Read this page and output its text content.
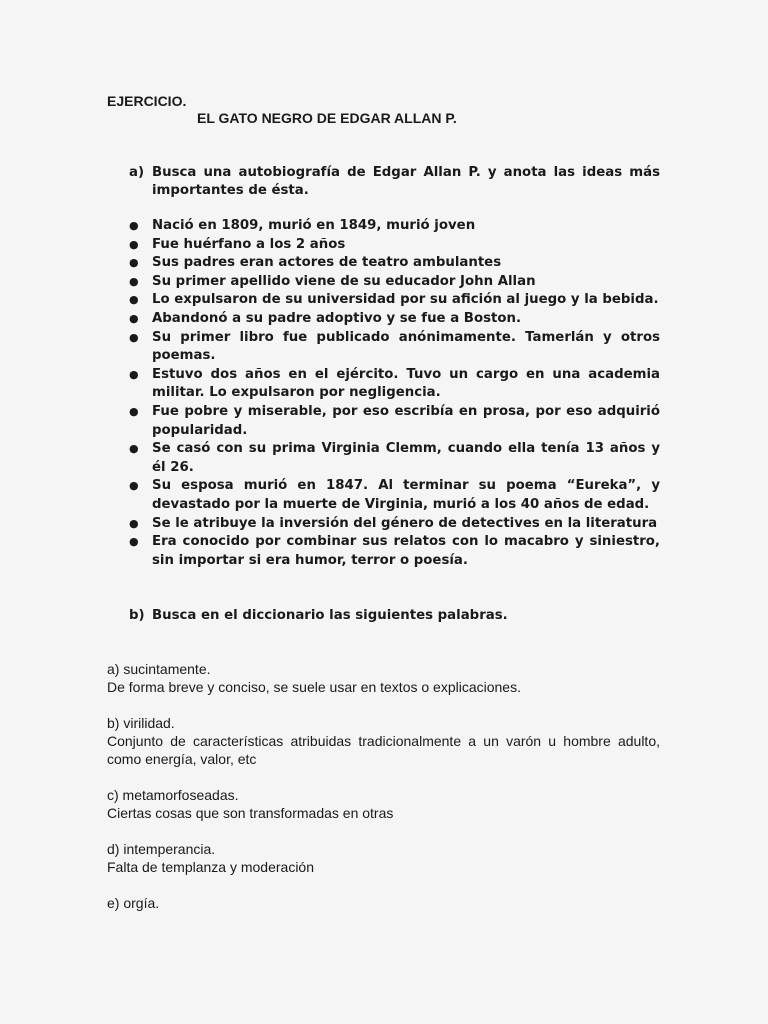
EJERCICIO.
EL GATO NEGRO DE EDGAR ALLAN P.
a) Busca una autobiografía de Edgar Allan P. y anota las ideas más importantes de ésta.
● Nació en 1809, murió en 1849, murió joven
● Fue huérfano a los 2 años
● Sus padres eran actores de teatro ambulantes
● Su primer apellido viene de su educador John Allan
● Lo expulsaron de su universidad por su afición al juego y la bebida.
● Abandonó a su padre adoptivo y se fue a Boston.
● Su primer libro fue publicado anónimamente. Tamerlán y otros poemas.
● Estuvo dos años en el ejército. Tuvo un cargo en una academia militar. Lo expulsaron por negligencia.
● Fue pobre y miserable, por eso escribía en prosa, por eso adquirió popularidad.
● Se casó con su prima Virginia Clemm, cuando ella tenía 13 años y él 26.
● Su esposa murió en 1847. Al terminar su poema “Eureka”, y devastado por la muerte de Virginia, murió a los 40 años de edad.
● Se le atribuye la inversión del género de detectives en la literatura
● Era conocido por combinar sus relatos con lo macabro y siniestro, sin importar si era humor, terror o poesía.
b) Busca en el diccionario las siguientes palabras.
a) sucintamente.
De forma breve y conciso, se suele usar en textos o explicaciones.
b) virilidad.
Conjunto de características atribuidas tradicionalmente a un varón u hombre adulto, como energía, valor, etc
c) metamorfoseadas.
Ciertas cosas que son transformadas en otras
d) intemperancia.
Falta de templanza y moderación
e) orgía.
